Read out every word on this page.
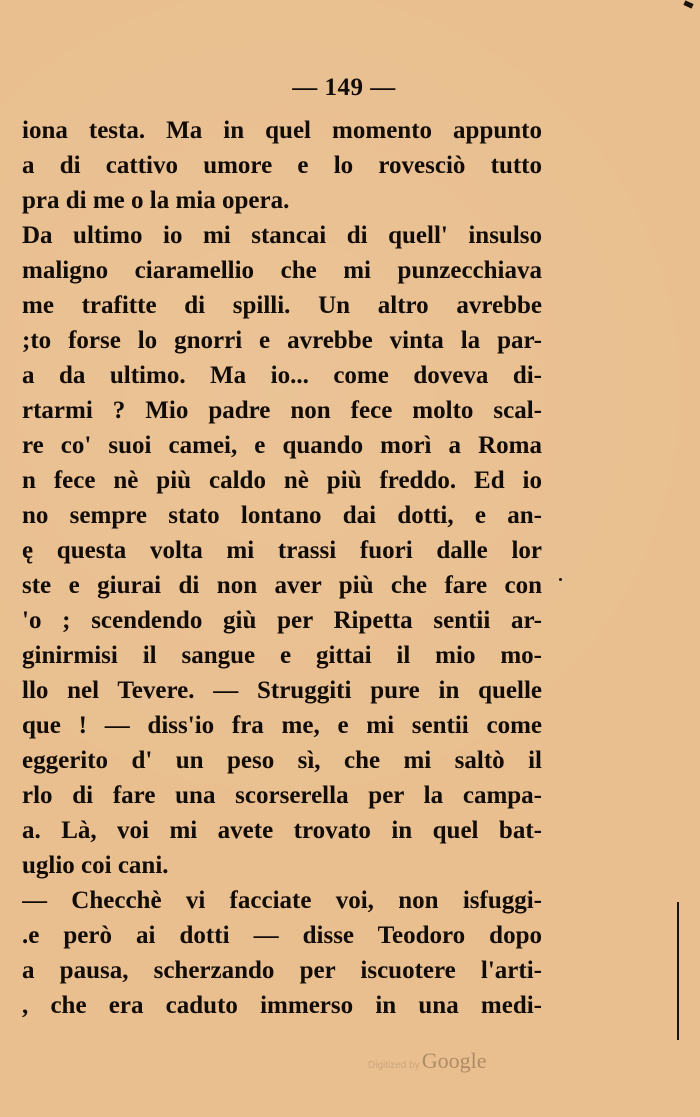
— 149 —
iona testa. Ma in quel momento appunto
a di cattivo umore e lo rovesciò tutto
pra di me o la mia opera.
Da ultimo io mi stancai di quell' insulso
maligno ciaramellio che mi punzecchiava
me trafitte di spilli. Un altro avrebbe
;to forse lo gnorri e avrebbe vinta la par-
a da ultimo. Ma io... come doveva di-
rtarmi ? Mio padre non fece molto scal-
re co' suoi camei, e quando morì a Roma
n fece nè più caldo nè più freddo. Ed io
no sempre stato lontano dai dotti, e an-
ę questa volta mi trassi fuori dalle lor
ste e giurai di non aver più che fare con
'o ; scendendo giù per Ripetta sentii ar-
ginirmisi il sangue e gittai il mio mo-
llo nel Tevere. — Struggiti pure in quelle
que ! — diss'io fra me, e mi sentii come
eggerito d' un peso sì, che mi saltò il
rlo di fare una scorserella per la campa-
a. Là, voi mi avete trovato in quel bat-
uglio coi cani.
— Checchè vi facciate voi, non isfuggi-
.e però ai dotti — disse Teodoro dopo
a pausa, scherzando per iscuotere l'arti-
, che era caduto immerso in una medi-
Digitized by Google
